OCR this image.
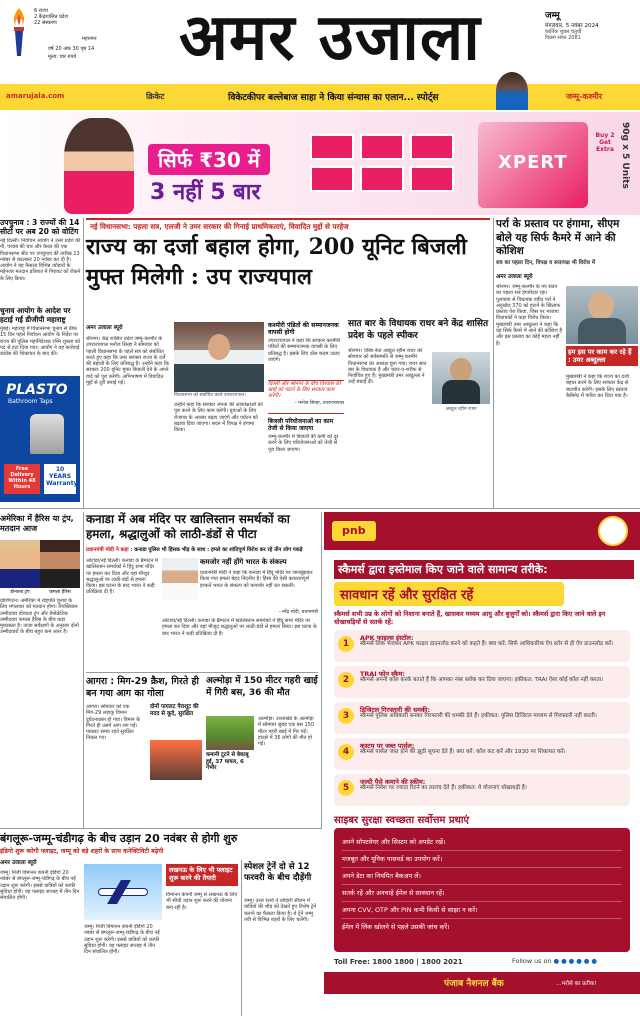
6 राज्य
2 केंद्रशासित प्रदेश
22 संस्करण
महानगर
वर्ष 20 अंक 30 पृष्ठ 14
मूल्य: चार रुपये	अमर उजाला	जम्मू
मंगलवार, 5 नवंबर 2024
कार्तिक शुक्ल चतुर्थी
विक्रम संवत 2081
amarujala.com	क्रिकेट	विकेटकीपर बल्लेबाज साहा ने किया संन्यास का एलान... स्पोर्ट्स	जम्मू-कश्मीर
सिर्फ ₹30 में
3 नहीं 5 बार
XPERT
Buy 2 Get Extra 90g x 5 Units
उपचुनाव : 3 राज्यों की 14 सीटों पर अब 20 को वोटिंग
नई दिल्ली। निर्वाचन आयोग ने उत्तर प्रदेश की नौ, पंजाब की चार और केरल की एक विधानसभा सीट पर उपचुनाव की तारीख 13 नवंबर से बदलकर 20 नवंबर कर दी है। आयोग ने यह फैसला विभिन्न त्योहारों के मद्देनजर मतदान प्रतिशत में गिरावट को रोकने के लिए किया।
चुनाव आयोग के आदेश पर हटाई गईं डीजीपी महाराष्ट्र
मुंबई। महाराष्ट्र में विधानसभा चुनाव से ठीक 15 दिन पहले निर्वाचन आयोग के निर्देश पर राज्य की पुलिस महानिदेशक रश्मि शुक्ला को पद से हटा दिया गया। आयोग ने यह कार्रवाई कांग्रेस की शिकायत के बाद की।
PLASTO
Bathroom Taps
Free Delivery Within 48 Hours
10 YEARS Warranty
नई विधानसभा: पहला सत्र, एलजी ने उमर सरकार की गिनाई प्राथमिकताएं, विवादित मुद्दों से परहेज
राज्य का दर्जा बहाल होगा, 200 यूनिट बिजली मुफ्त मिलेगी : उप राज्यपाल
अमर उजाला ब्यूरो
श्रीनगर। केंद्र शासित प्रदेश जम्मू-कश्मीर के उपराज्यपाल मनोज सिन्हा ने सोमवार को पहली विधानसभा के पहले सत्र को संबोधित करते हुए कहा कि उमर सरकार राज्य के दर्जे की बहाली के लिए प्रतिबद्ध है। उन्होंने कहा कि सरकार 200 यूनिट मुफ्त बिजली देने के अपने वादे को पूरा करेगी। अभिभाषण में विवादित मुद्दों से दूरी बनाई गई।
विधानसभा को संबोधित करते उपराज्यपाल।
उन्होंने कहा कि सरकार जनता की आकांक्षाओं को पूरा करने के लिए काम करेगी। युवाओं के लिए रोजगार के अवसर बढ़ाए जाएंगे और पर्यटन को बढ़ावा दिया जाएगा। सदन में विपक्ष ने हंगामा किया।
कश्मीरी पंडितों की सम्मानजनक वापसी होगी
उपराज्यपाल ने कहा कि सरकार कश्मीरी पंडितों की सम्मानजनक वापसी के लिए प्रतिबद्ध है। इसके लिए ठोस कदम उठाए जाएंगे।
दिल्ली और श्रीनगर के बीच विश्वास की खाई को पाटने के लिए सरकार काम करेगी।
- मनोज सिन्हा, उपराज्यपाल
बिजली परियोजनाओं का काम तेजी से किया जाएगा
जम्मू-कश्मीर में बिजली की कमी को दूर करने के लिए परियोजनाओं को तेजी से पूरा किया जाएगा।
सात बार के विधायक राथर बने केंद्र शासित प्रदेश के पहले स्पीकर
श्रीनगर। वरिष्ठ नेता अब्दुल रहीम राथर को सोमवार को सर्वसम्मति से जम्मू-कश्मीर विधानसभा का अध्यक्ष चुना गया। राथर सात बार के विधायक हैं और चरार-ए-शरीफ से निर्वाचित हुए हैं। मुख्यमंत्री उमर अब्दुल्ला ने उन्हें बधाई दी।
अब्दुल रहीम राथर
पर्रा के प्रस्ताव पर हंगामा, सीएम बोले यह सिर्फ कैमरे में आने की कोशिश
सत्र का पहला दिन, विपक्ष व सत्तापक्ष भी विरोध में
अमर उजाला ब्यूरो
श्रीनगर। जम्मू-कश्मीर के नए सदन का पहला सत्र हंगामेदार रहा। पुलवामा से विधायक वहीद पर्रा ने अनुच्छेद 370 को हटाने के खिलाफ प्रस्ताव पेश किया, जिस पर भाजपा विधायकों ने कड़ा विरोध किया। मुख्यमंत्री उमर अब्दुल्ला ने कहा कि यह सिर्फ कैमरे में आने की कोशिश है और इस प्रस्ताव का कोई महत्व नहीं है।
हम इस पर काम कर रहे हैं : उमर अब्दुल्ला
मुख्यमंत्री ने कहा कि राज्य का दर्जा बहाल करने के लिए सरकार केंद्र से बातचीत करेगी। इसके लिए प्रस्ताव कैबिनेट में पारित कर दिया गया है।
अमेरिका में हैरिस या ट्रंप, मतदान आज
डोनाल्ड ट्रंप	कमला हैरिस
वाशिंगटन। अमेरिका में राष्ट्रपति चुनाव के लिए मंगलवार को मतदान होगा। रिपब्लिकन उम्मीदवार डोनाल्ड ट्रंप और डेमोक्रेटिक उम्मीदवार कमला हैरिस के बीच कड़ा मुकाबला है। ताजा सर्वेक्षणों के अनुसार दोनों उम्मीदवारों के बीच बहुत कम अंतर है।
कनाडा में अब मंदिर पर खालिस्तान समर्थकों का हमला, श्रद्धालुओं को लाठी-डंडों से पीटा
प्रधानमंत्री मोदी ने कहा : कनाडा पुलिस भी हिंसक भीड़ के साथ : हमले का शांतिपूर्ण विरोध कर रहे तीन लोग पकड़े
ओटावा/नई दिल्ली। कनाडा के ब्रैम्पटन में खालिस्तान समर्थकों ने हिंदू सभा मंदिर पर हमला कर दिया और वहां मौजूद श्रद्धालुओं पर लाठी-डंडों से हमला किया। इस घटना के बाद भारत ने कड़ी प्रतिक्रिया दी है।
कमजोर नहीं होंगे भारत के संकल्प
प्रधानमंत्री मोदी ने कहा कि कनाडा में हिंदू मंदिर पर जानबूझकर किया गया हमला बेहद निंदनीय है। हिंसा की ऐसी कायरतापूर्ण हरकतें भारत के संकल्प को कमजोर नहीं कर सकतीं।
- नरेंद्र मोदी, प्रधानमंत्री
ओटावा/नई दिल्ली। कनाडा के ब्रैम्पटन में खालिस्तान समर्थकों ने हिंदू सभा मंदिर पर हमला कर दिया और वहां मौजूद श्रद्धालुओं पर लाठी-डंडों से हमला किया। इस घटना के बाद भारत ने कड़ी प्रतिक्रिया दी है।
आगरा : मिग-29 क्रैश, गिरते ही बन गया आग का गोला
आगरा। सोमवार को एक मिग-29 लड़ाकू विमान दुर्घटनाग्रस्त हो गया। विमान के गिरते ही उसमें आग लग गई। पायलट समय रहते सुरक्षित निकल गए।
दोनों पायलट पैराशूट की मदद से कूदे, सुरक्षित
अल्मोड़ा में 150 मीटर गहरी खाई में गिरी बस, 36 की मौत
कमानी टूटने से बेकाबू हुई, 37 घायल, 6 गंभीर
अल्मोड़ा। उत्तराखंड के अल्मोड़ा में सोमवार सुबह एक बस 150 मीटर गहरी खाई में गिर गई। हादसे में 36 लोगों की मौत हो गई।
pnb
स्कैमर्स द्वारा इस्तेमाल किए जाने वाले सामान्य तरीके:
सावधान रहें और सुरक्षित रहें
स्कैमर्स सभी उम्र के लोगों को निशाना बनाते हैं, खासकर मध्यम आयु और बुजुर्गों को। स्कैमर्स द्वारा किए जाने वाले इन धोखाधड़ियों से सतर्क रहें:
1
APK फाइल्स इंस्टॉल:
स्कैमर्स लिंक भेजकर APK फाइल डाउनलोड करने को कहते हैं। क्या करें: सिर्फ आधिकारिक ऐप स्टोर से ही ऐप डाउनलोड करें।
2
TRAI फोन स्कैम:
स्कैमर्स अपनी कॉल करके बताते हैं कि आपका नंबर ब्लॉक कर दिया जाएगा। हकीकत: TRAI ऐसा कोई कॉल नहीं करता।
3
डिजिटल गिरफ्तारी की धमकी:
स्कैमर्स पुलिस अधिकारी बनकर गिरफ्तारी की धमकी देते हैं। हकीकत: पुलिस डिजिटल माध्यम से गिरफ्तारी नहीं करती।
4
कस्टम पर जब्त पार्सल:
स्कैमर्स पार्सल जब्त होने की झूठी सूचना देते हैं। क्या करें: कॉल कट करें और 1930 पर शिकायत करें।
5
जल्दी पैसे कमाने की स्कीम:
स्कैमर्स निवेश पर ज्यादा रिटर्न का लालच देते हैं। हकीकत: ये योजनाएं धोखाधड़ी हैं।
साइबर सुरक्षा स्वच्छता सर्वोत्तम प्रथाएं
अपने सॉफ्टवेयर और सिस्टम को अपडेट रखें।
मजबूत और यूनिक पासवर्ड का उपयोग करें।
अपने डेटा का नियमित बैकअप लें।
सतर्क रहें और अनचाहे ईमेल से सावधान रहें।
अपना CVV, OTP और PIN कभी किसी से साझा न करें।
ईमेल में लिंक खोलने से पहले उसकी जांच करें।
Toll Free: 1800 1800 | 1800 2021	Follow us on ●●●●●●
पंजाब नैशनल बैंक	...भरोसे का प्रतीक!
बंगलूरू-जम्मू-चंडीगढ़ के बीच उड़ान 20 नवंबर से होगी शुरु
इंडिगो शुरू करेगी फ्लाइट, जम्मू को बड़े शहरों के साथ कनेक्टिविटी बढ़ेगी
अमर उजाला ब्यूरो
जम्मू। निजी विमानन कंपनी इंडिगो 20 नवंबर से बंगलूरू-जम्मू-चंडीगढ़ के बीच नई उड़ान शुरू करेगी। इससे यात्रियों को काफी सुविधा होगी। यह फ्लाइट सप्ताह में तीन दिन संचालित होगी।
जम्मू। निजी विमानन कंपनी इंडिगो 20 नवंबर से बंगलूरू-जम्मू-चंडीगढ़ के बीच नई उड़ान शुरू करेगी। इससे यात्रियों को काफी सुविधा होगी। यह फ्लाइट सप्ताह में तीन दिन संचालित होगी।
लखनऊ के लिए भी फ्लाइट शुरू करने की तैयारी
विमानन कंपनी जम्मू से लखनऊ के लिए भी सीधी उड़ान शुरू करने की योजना बना रही है।
स्पेशल ट्रेनें दो से 12 फरवरी के बीच दौड़ेंगी
जम्मू। उत्तर रेलवे ने त्योहारी सीजन में यात्रियों की भीड़ को देखते हुए विशेष ट्रेनें चलाने का फैसला किया है। ये ट्रेनें जम्मू तवी से विभिन्न शहरों के लिए चलेंगी।
